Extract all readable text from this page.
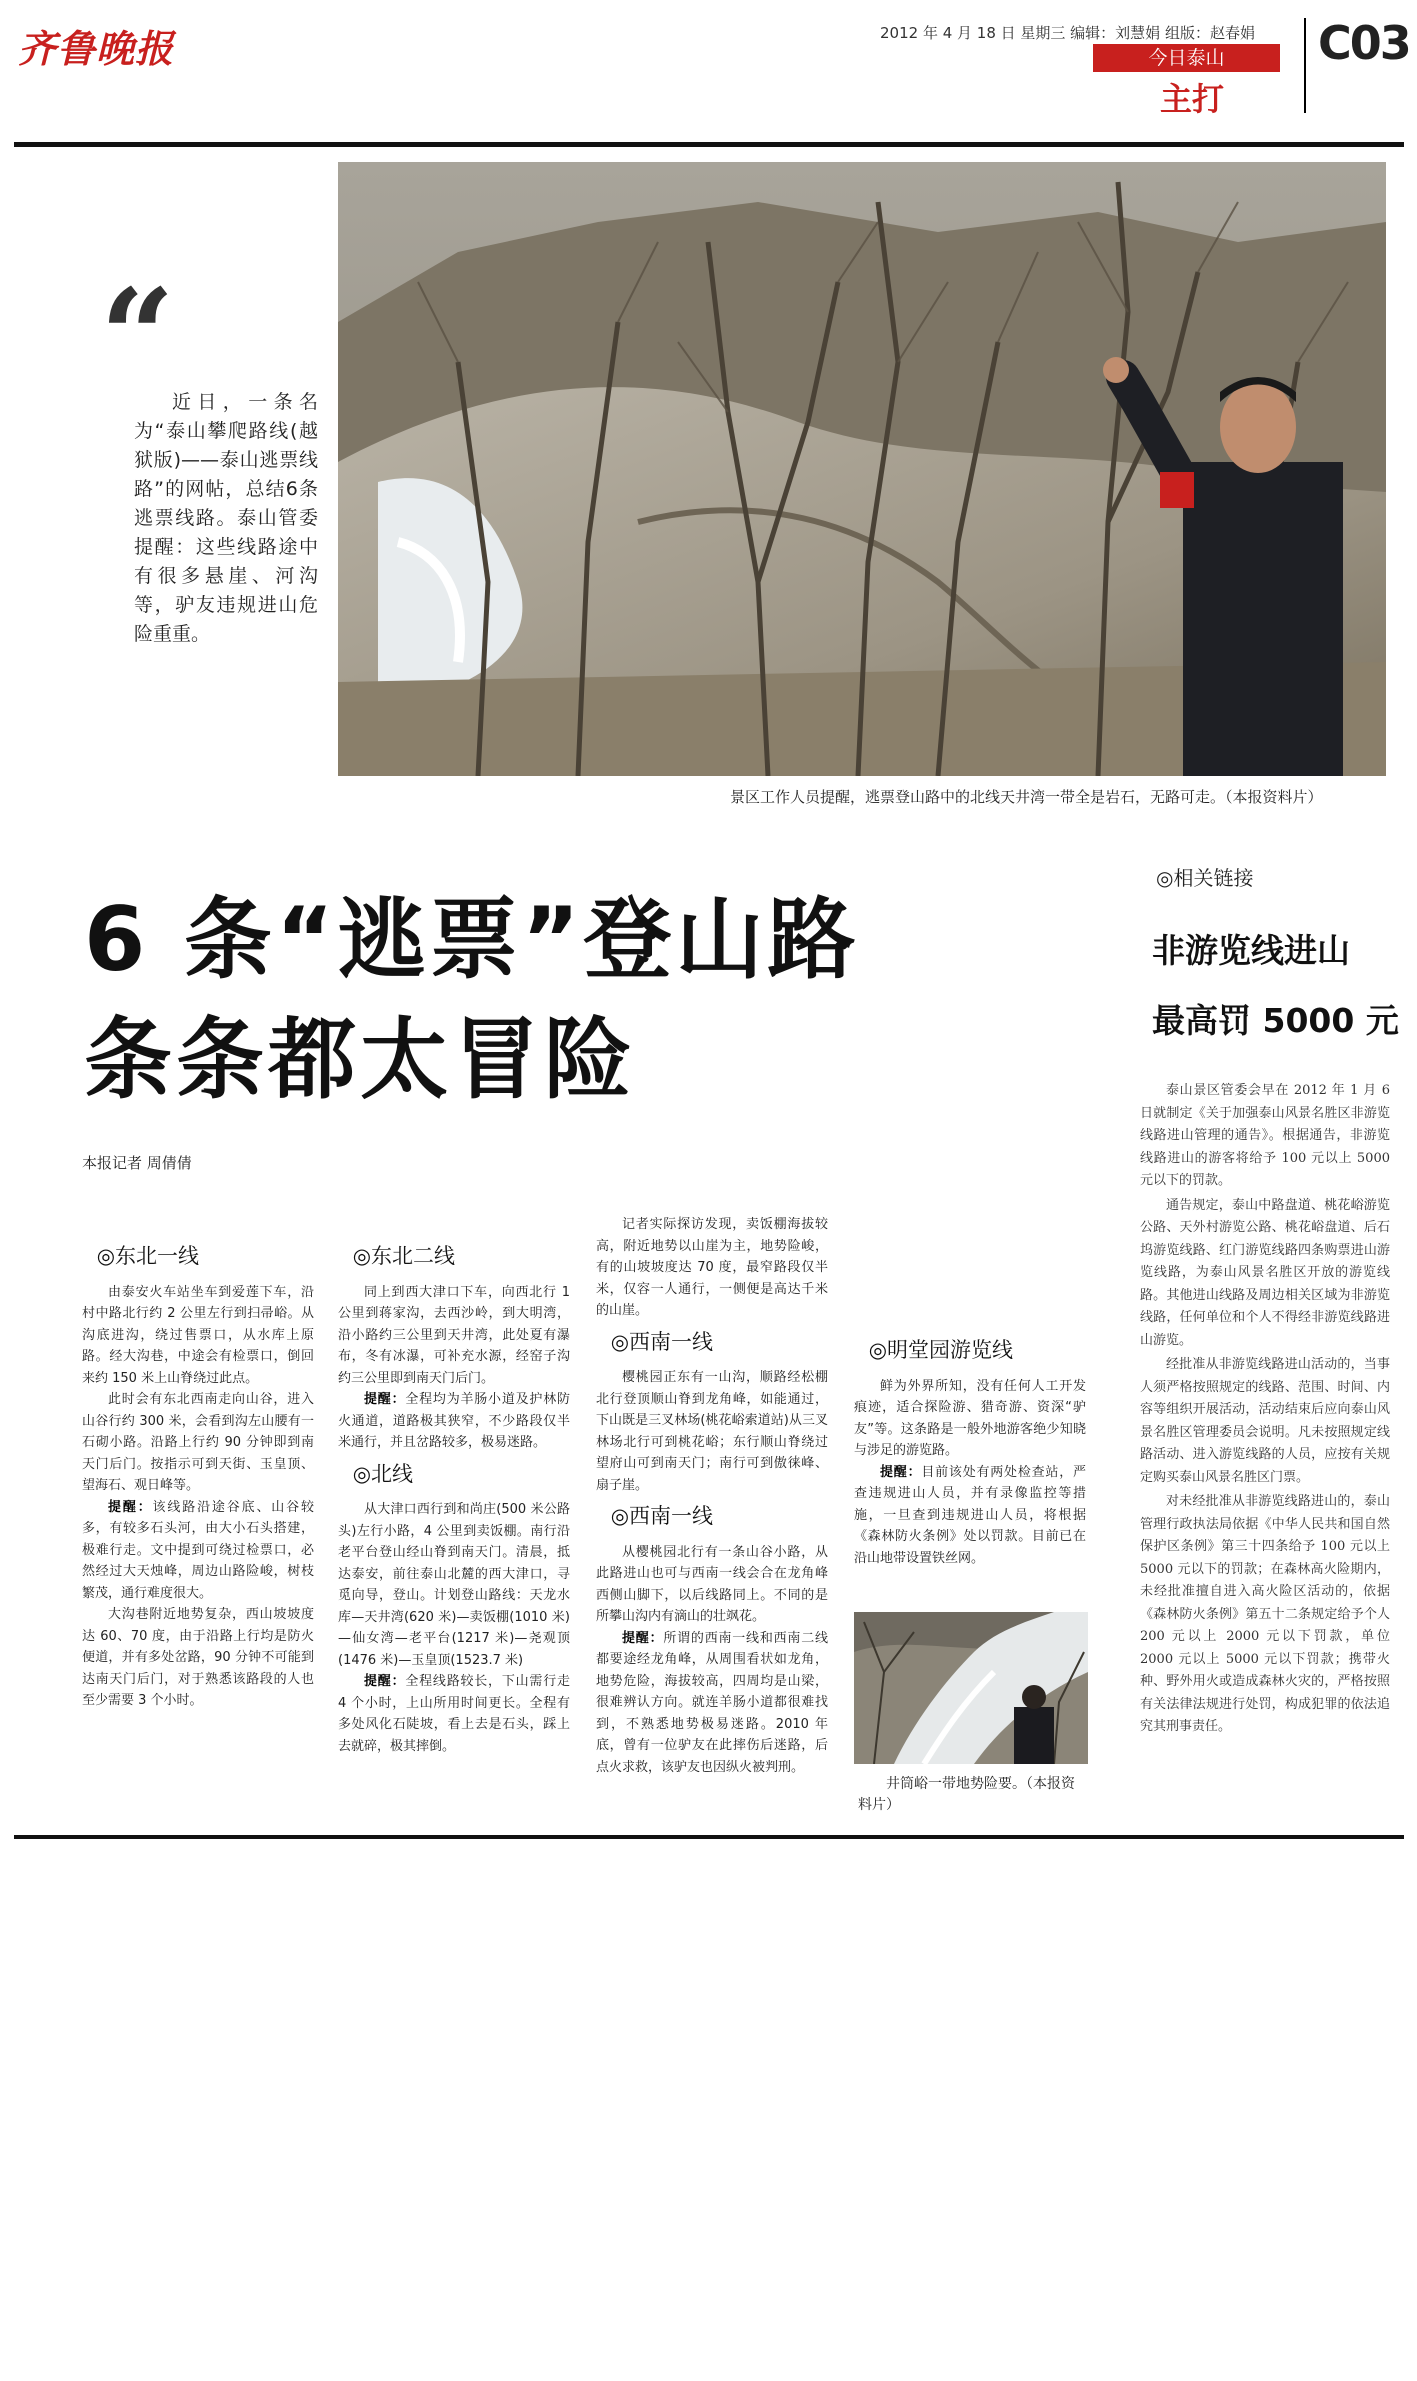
齐鲁晚报	2012 年 4 月 18 日 星期三 编辑：刘慧娟 组版：赵春娟
今日泰山
主打
C03
“
近日，一条名为“泰山攀爬路线(越狱版)——泰山逃票线路”的网帖，总结6条逃票线路。泰山管委提醒：这些线路途中有很多悬崖、河沟等，驴友违规进山危险重重。
景区工作人员提醒，逃票登山路中的北线天井湾一带全是岩石，无路可走。（本报资料片）
6 条“逃票”登山路
条条都太冒险
本报记者 周倩倩
◎相关链接
非游览线进山
最高罚 5000 元

泰山景区管委会早在 2012 年 1 月 6 日就制定《关于加强泰山风景名胜区非游览线路进山管理的通告》。根据通告，非游览线路进山的游客将给予 100 元以上 5000 元以下的罚款。

通告规定，泰山中路盘道、桃花峪游览公路、天外村游览公路、桃花峪盘道、后石坞游览线路、红门游览线路四条购票进山游览线路，为泰山风景名胜区开放的游览线路。其他进山线路及周边相关区域为非游览线路，任何单位和个人不得经非游览线路进山游览。

经批准从非游览线路进山活动的，当事人须严格按照规定的线路、范围、时间、内容等组织开展活动，活动结束后应向泰山风景名胜区管理委员会说明。凡未按照规定线路活动、进入游览线路的人员，应按有关规定购买泰山风景名胜区门票。

对未经批准从非游览线路进山的，泰山管理行政执法局依据《中华人民共和国自然保护区条例》第三十四条给予 100 元以上 5000 元以下的罚款；在森林高火险期内，未经批准擅自进入高火险区活动的，依据《森林防火条例》第五十二条规定给予个人 200 元以上 2000 元以下罚款，单位 2000 元以上 5000 元以下罚款；携带火种、野外用火或造成森林火灾的，严格按照有关法律法规进行处罚，构成犯罪的依法追究其刑事责任。

◎东北一线

由泰安火车站坐车到爱莲下车，沿村中路北行约 2 公里左行到扫帚峪。从沟底进沟，绕过售票口，从水库上原路。经大沟巷，中途会有检票口，倒回来约 150 米上山脊绕过此点。

此时会有东北西南走向山谷，进入山谷行约 300 米，会看到沟左山腰有一石砌小路。沿路上行约 90 分钟即到南天门后门。按指示可到天街、玉皇顶、望海石、观日峰等。

提醒：该线路沿途谷底、山谷较多，有较多石头河，由大小石头搭建，极难行走。文中提到可绕过检票口，必然经过大天烛峰，周边山路险峻，树枝繁茂，通行难度很大。

大沟巷附近地势复杂，西山坡坡度达 60、70 度，由于沿路上行均是防火便道，并有多处岔路，90 分钟不可能到达南天门后门，对于熟悉该路段的人也至少需要 3 个小时。

◎东北二线

同上到西大津口下车，向西北行 1 公里到蒋家沟，去西沙岭，到大明湾，沿小路约三公里到天井湾，此处夏有瀑布，冬有冰瀑，可补充水源，经窑子沟约三公里即到南天门后门。

提醒：全程均为羊肠小道及护林防火通道，道路极其狭窄，不少路段仅半米通行，并且岔路较多，极易迷路。

◎北线

从大津口西行到和尚庄(500 米公路头)左行小路，4 公里到卖饭棚。南行沿老平台登山经山脊到南天门。清晨，抵达泰安，前往泰山北麓的西大津口，寻觅向导，登山。计划登山路线：天龙水库—天井湾(620 米)—卖饭棚(1010 米)—仙女湾—老平台(1217 米)—尧观顶(1476 米)—玉皇顶(1523.7 米)

提醒：全程线路较长，下山需行走 4 个小时，上山所用时间更长。全程有多处风化石陡坡，看上去是石头，踩上去就碎，极其摔倒。

记者实际探访发现，卖饭棚海拔较高，附近地势以山崖为主，地势险峻，有的山坡坡度达 70 度，最窄路段仅半米，仅容一人通行，一侧便是高达千米的山崖。

◎西南一线

樱桃园正东有一山沟，顺路经松棚北行登顶顺山脊到龙角峰，如能通过，下山既是三叉林场(桃花峪索道站)从三叉林场北行可到桃花峪；东行顺山脊绕过望府山可到南天门；南行可到傲徕峰、扇子崖。

◎西南一线

从樱桃园北行有一条山谷小路，从此路进山也可与西南一线会合在龙角峰西侧山脚下，以后线路同上。不同的是所攀山沟内有滴山的壮飒花。

提醒：所谓的西南一线和西南二线都要途经龙角峰，从周围看状如龙角，地势危险，海拔较高，四周均是山梁，很难辨认方向。就连羊肠小道都很难找到，不熟悉地势极易迷路。2010 年底，曾有一位驴友在此摔伤后迷路，后点火求救，该驴友也因纵火被判刑。

◎明堂园游览线

鲜为外界所知，没有任何人工开发痕迹，适合探险游、猎奇游、资深“驴友”等。这条路是一般外地游客绝少知晓与涉足的游览路。

提醒：目前该处有两处检查站，严查违规进山人员，并有录像监控等措施，一旦查到违规进山人员，将根据《森林防火条例》处以罚款。目前已在沿山地带设置铁丝网。

井筒峪一带地势险要。（本报资料片）
